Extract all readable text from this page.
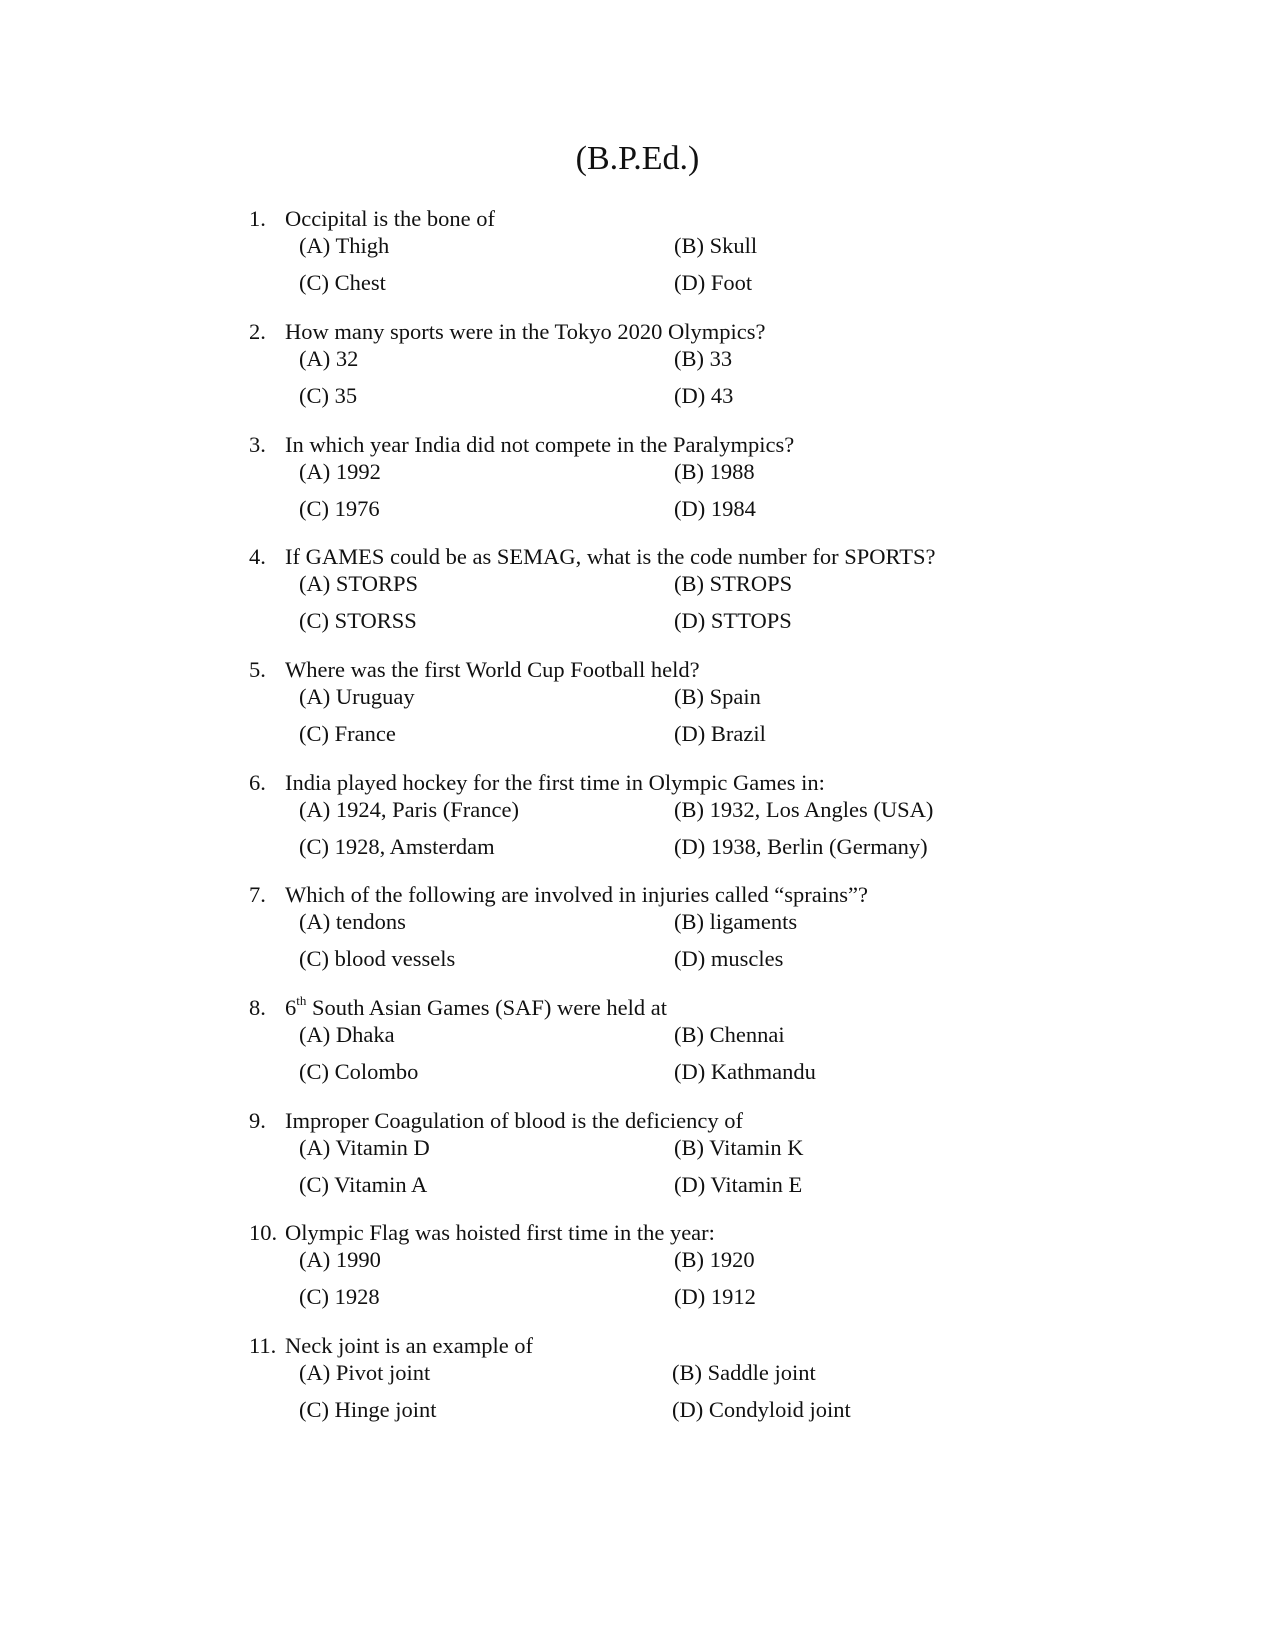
(B.P.Ed.)
1. Occipital is the bone of
(A) Thigh	(B) Skull
(C) Chest	(D) Foot
2. How many sports were in the Tokyo 2020 Olympics?
(A) 32	(B) 33
(C) 35	(D) 43
3. In which year India did not compete in the Paralympics?
(A) 1992	(B) 1988
(C) 1976	(D) 1984
4. If GAMES could be as SEMAG, what is the code number for SPORTS?
(A) STORPS	(B) STROPS
(C) STORSS	(D) STTOPS
5. Where was the first World Cup Football held?
(A) Uruguay	(B) Spain
(C) France	(D) Brazil
6. India played hockey for the first time in Olympic Games in:
(A) 1924, Paris (France)	(B) 1932, Los Angles (USA)
(C) 1928, Amsterdam	(D) 1938, Berlin (Germany)
7. Which of the following are involved in injuries called “sprains”?
(A) tendons	(B) ligaments
(C) blood vessels	(D) muscles
8. 6th South Asian Games (SAF) were held at
(A) Dhaka	(B) Chennai
(C) Colombo	(D) Kathmandu
9. Improper Coagulation of blood is the deficiency of
(A) Vitamin D	(B) Vitamin K
(C) Vitamin A	(D) Vitamin E
10. Olympic Flag was hoisted first time in the year:
(A) 1990	(B) 1920
(C) 1928	(D) 1912
11. Neck joint is an example of
(A) Pivot joint	(B) Saddle joint
(C) Hinge joint	(D) Condyloid joint
